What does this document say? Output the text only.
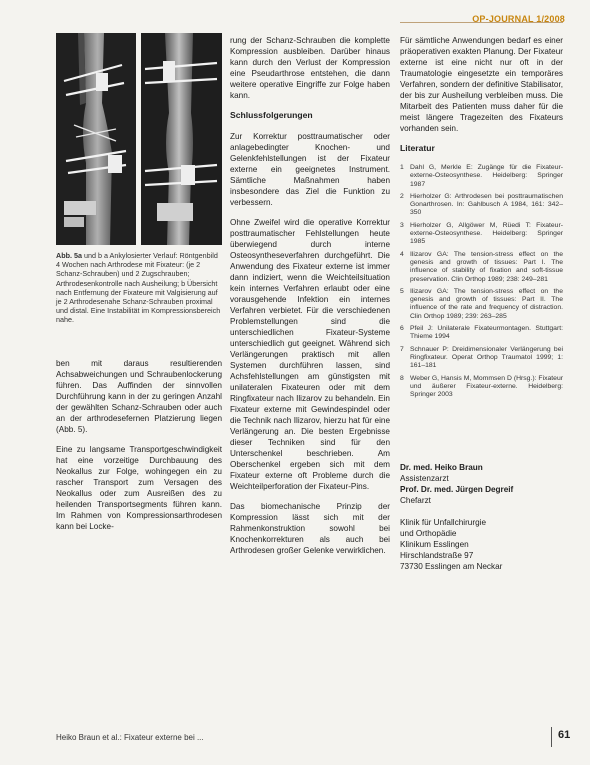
OP-JOURNAL 1/2008
Abb. 5a und b a Ankylosierter Verlauf: Röntgenbild 4 Wochen nach Arthrodese mit Fixateur: (je 2 Schanz-Schrauben) und 2 Zugschrauben; Arthrodesenkontrolle nach Ausheilung; b Übersicht nach Entfernung der Fixateure mit Valgisierung auf je 2 Arthrodesenahe Schanz-Schrauben proximal und distal. Eine Instabilität im Kompressionsbereich nahe.

ben mit daraus resultierenden Achsabweichungen und Schraubenlockerung führen. Das Auffinden der sinnvollen Durchführung kann in der zu geringen Anzahl der gewählten Schanz-Schrauben oder auch an der arthrodesefernen Platzierung liegen (Abb. 5).

Eine zu langsame Transportgeschwindigkeit hat eine vorzeitige Durchbauung des Neokallus zur Folge, wohingegen ein zu rascher Transport zum Versagen des Neokallus oder zum Ausreißen des zu heilenden Transportsegments führen kann. Im Rahmen von Kompressionsarthrodesen kann bei Locke-

rung der Schanz-Schrauben die komplette Kompression ausbleiben. Darüber hinaus kann durch den Verlust der Kompression eine Pseudarthrose entstehen, die dann weitere operative Eingriffe zur Folge haben kann.

Schlussfolgerungen

Zur Korrektur posttraumatischer oder anlagebedingter Knochen- und Gelenkfehlstellungen ist der Fixateur externe ein geeignetes Instrument. Sämtliche Maßnahmen haben insbesondere das Ziel die Funktion zu verbessern.

Ohne Zweifel wird die operative Korrektur posttraumatischer Fehlstellungen heute überwiegend durch interne Osteosyntheseverfahren durchgeführt. Die Anwendung des Fixateur externe ist immer dann indiziert, wenn die Weichteilsituation kein internes Verfahren erlaubt oder eine vorausgehende Infektion ein internes Verfahren verbietet. Für die verschiedenen Problemstellungen sind die unterschiedlichen Fixateur-Systeme unterschiedlich gut geeignet. Während sich Verlängerungen praktisch mit allen Systemen durchführen lassen, sind Achsfehlstellungen am günstigsten mit unilateralen Fixateuren oder mit dem Ringfixateur nach Ilizarov zu behandeln. Ein Fixateur externe mit Gewindespindel oder die Technik nach Ilizarov, hierzu hat für eine Verlängerung an. Die besten Ergebnisse dieser Techniken sind für den Unterschenkel beschrieben. Am Oberschenkel ergeben sich mit dem Fixateur externe oft Probleme durch die Weichteilperforation der Fixateur-Pins.

Das biomechanische Prinzip der Kompression lässt sich mit der Rahmenkonstruktion sowohl bei Knochenkorrekturen als auch bei Arthrodesen großer Gelenke verwirklichen.

Für sämtliche Anwendungen bedarf es einer präoperativen exakten Planung. Der Fixateur externe ist eine nicht nur oft in der Traumatologie eingesetzte ein temporäres Verfahren, sondern der definitive Stabilisator, der bis zur Ausheilung verbleiben muss. Die Mitarbeit des Patienten muss daher für die meist längere Tragezeiten des Fixateurs vorhanden sein.

Literatur
1 Dahl G, Merkle E: Zugänge für die Fixateur-externe-Osteosynthese. Heidelberg: Springer 1987
2 Hierholzer G: Arthrodesen bei posttraumatischen Gonarthrosen. In: Gahlbusch A 1984, 161: 342–350
3 Hierholzer G, Allgöwer M, Rüedi T: Fixateur-externe-Osteosynthese. Heidelberg: Springer 1985
4 Ilizarov GA: The tension-stress effect on the genesis and growth of tissues: Part I. The influence of stability of fixation and soft-tissue preservation. Clin Orthop 1989; 238: 249–281
5 Ilizarov GA: The tension-stress effect on the genesis and growth of tissues: Part II. The influence of the rate and frequency of distraction. Clin Orthop 1989; 239: 263–285
6 Pfeil J: Unilaterale Fixateurmontagen. Stuttgart: Thieme 1994
7 Schnauer P: Dreidimensionaler Verlängerung bei Ringfixateur. Operat Orthop Traumatol 1999; 1: 161–181
8 Weber G, Hansis M, Mommsen D (Hrsg.): Fixateur und äußerer Fixateur-externe. Heidelberg: Springer 2003
Dr. med. Heiko Braun
Assistenzarzt
Prof. Dr. med. Jürgen Degreif
Chefarzt
Klinik für Unfallchirurgie
und Orthopädie
Klinikum Esslingen
Hirschlandstraße 97
73730 Esslingen am Neckar
Heiko Braun et al.: Fixateur externe bei ...	61
